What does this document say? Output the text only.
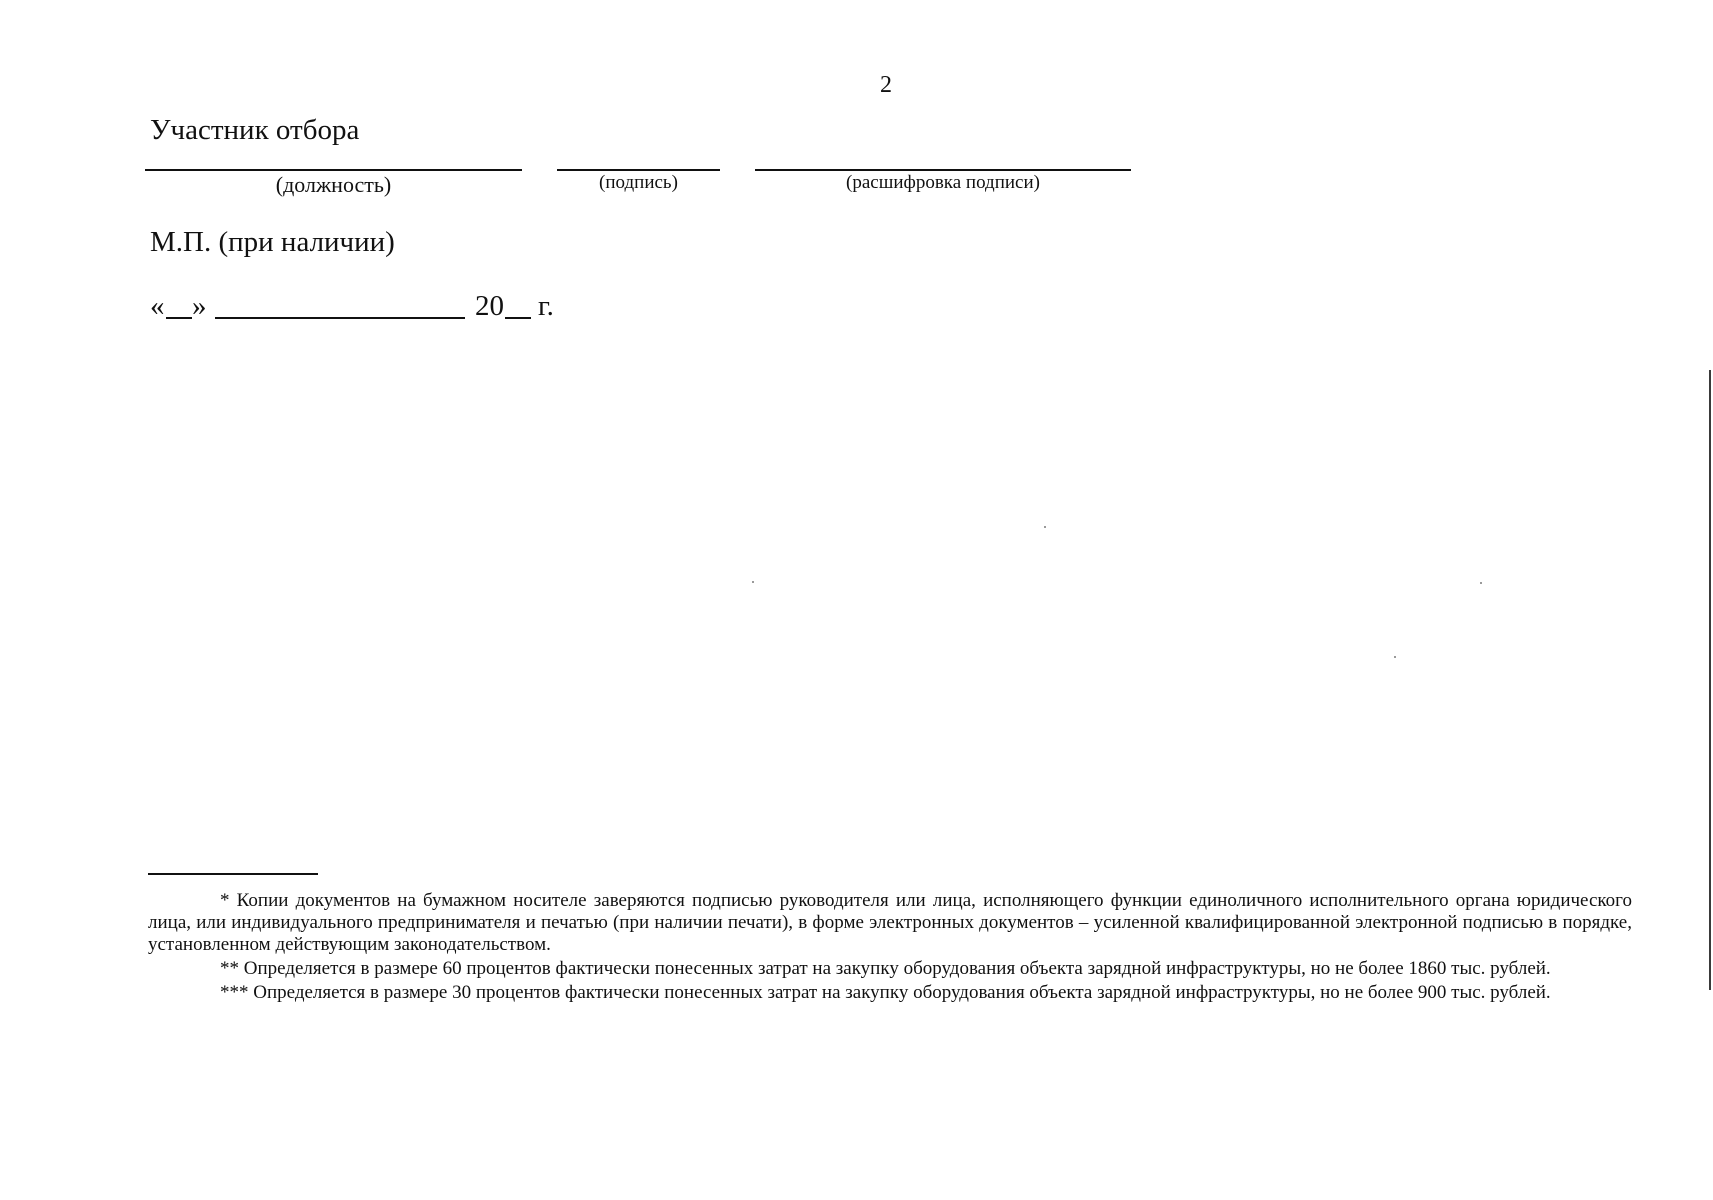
2
Участник отбора
(должность)	(подпись)	(расшифровка подписи)
М.П. (при наличии)
« »	20 г.

* Копии документов на бумажном носителе заверяются подписью руководителя или лица, исполняющего функции единоличного исполнительного органа юридического лица, или индивидуального предпринимателя и печатью (при наличии печати), в форме электронных документов – усиленной квалифицированной электронной подписью в порядке, установленном действующим законодательством.

** Определяется в размере 60 процентов фактически понесенных затрат на закупку оборудования объекта зарядной инфраструктуры, но не более 1860 тыс. рублей.

*** Определяется в размере 30 процентов фактически понесенных затрат на закупку оборудования объекта зарядной инфраструктуры, но не более 900 тыс. рублей.
